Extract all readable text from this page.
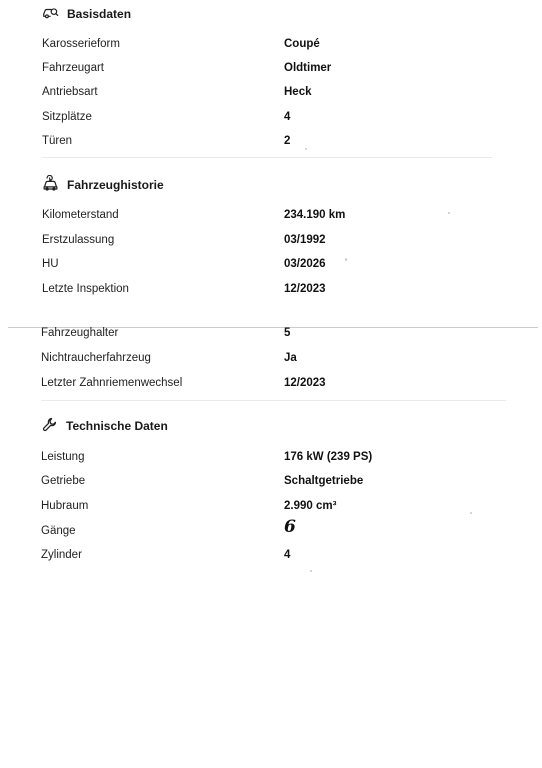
Basisdaten
Karosserieform	Coupé
Fahrzeugart	Oldtimer
Antriebsart	Heck
Sitzplätze	4
Türen	2
Fahrzeughistorie
Kilometerstand	234.190 km
Erstzulassung	03/1992
HU	03/2026
Letzte Inspektion	12/2023
Fahrzeughalter	5
Nichtraucherfahrzeug	Ja
Letzter Zahnriemenwechsel	12/2023
Technische Daten
Leistung	176 kW (239 PS)
Getriebe	Schaltgetriebe
Hubraum	2.990 cm³
Gänge	6
Zylinder	4
